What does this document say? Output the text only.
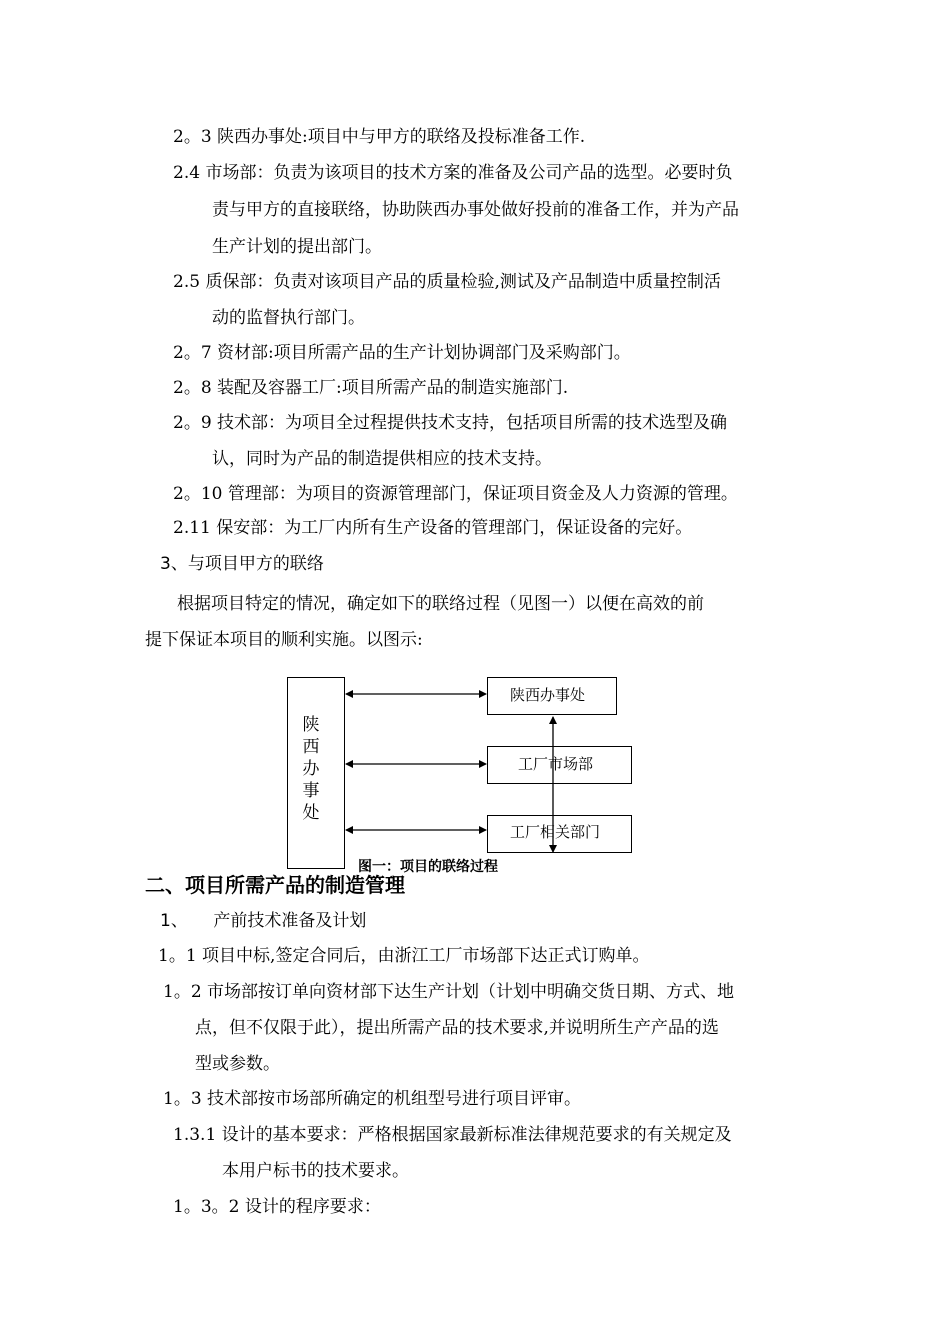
2。3 陕西办事处:项目中与甲方的联络及投标准备工作.
2.4 市场部：负责为该项目的技术方案的准备及公司产品的选型。必要时负
责与甲方的直接联络，协助陕西办事处做好投前的准备工作，并为产品
生产计划的提出部门。
2.5 质保部：负责对该项目产品的质量检验,测试及产品制造中质量控制活
动的监督执行部门。
2。7 资材部:项目所需产品的生产计划协调部门及采购部门。
2。8 装配及容器工厂:项目所需产品的制造实施部门.
2。9 技术部：为项目全过程提供技术支持，包括项目所需的技术选型及确
认，同时为产品的制造提供相应的技术支持。
2。10 管理部：为项目的资源管理部门，保证项目资金及人力资源的管理。
2.11 保安部：为工厂内所有生产设备的管理部门，保证设备的完好。
3、与项目甲方的联络
根据项目特定的情况，确定如下的联络过程（见图一）以便在高效的前
提下保证本项目的顺利实施。以图示:
陕西办事处
陕西办事处
工厂市场部
工厂相关部门
图一：项目的联络过程
二、项目所需产品的制造管理
1、　　产前技术准备及计划
1。1 项目中标,签定合同后，由浙江工厂市场部下达正式订购单。
1。2 市场部按订单向资材部下达生产计划（计划中明确交货日期、方式、地
点，但不仅限于此），提出所需产品的技术要求,并说明所生产产品的选
型或参数。
1。3 技术部按市场部所确定的机组型号进行项目评审。
1.3.1 设计的基本要求：严格根据国家最新标准法律规范要求的有关规定及
本用户标书的技术要求。
1。3。2 设计的程序要求：
